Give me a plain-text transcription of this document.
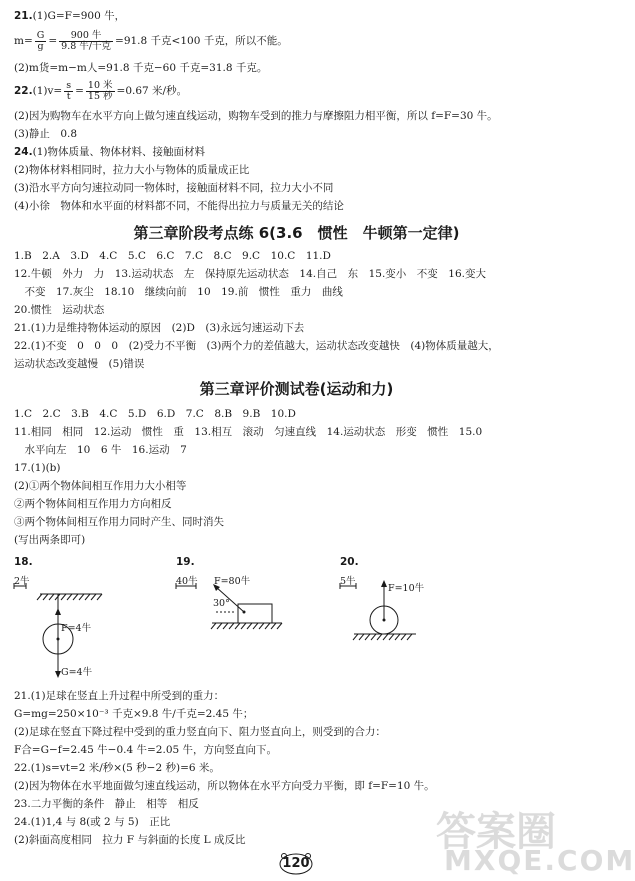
21.(1)G=F=900 牛，
$m= \frac{G}{g} = \frac{\text{900 牛}}{\text{9.8 牛/千克}} =91.8$ 千克<100 千克，所以不能。
(2)m货=m−m人=91.8 千克−60 千克=31.8 千克。
$22.(1)v= \frac{s}{t} = \frac{\text{10 米}}{\text{15 秒}} =0.67$ 米/秒。
(2)因为购物车在水平方向上做匀速直线运动，购物车受到的推力与摩擦阻力相平衡，所以 f=F=30 牛。
(3)静止　0.8
24.(1)物体质量、物体材料、接触面材料
(2)物体材料相同时，拉力大小与物体的质量成正比
(3)沿水平方向匀速拉动同一物体时，接触面材料不同，拉力大小不同
(4)小徐　物体和水平面的材料都不同，不能得出拉力与质量无关的结论
第三章阶段考点练 6(3.6　惯性　牛顿第一定律)
1.B　2.A　3.D　4.C　5.C　6.C　7.C　8.C　9.C　10.C　11.D
12.牛顿　外力　力　13.运动状态　左　保持原先运动状态　14.自己　东　15.变小　不变　16.变大
　不变　17.灰尘　18.10　继续向前　10　19.前　惯性　重力　曲线
20.惯性　运动状态
21.(1)力是维持物体运动的原因　(2)D　(3)永远匀速运动下去
22.(1)不变　0　0　0　(2)受力不平衡　(3)两个力的差值越大，运动状态改变越快　(4)物体质量越大，
运动状态改变越慢　(5)错误
第三章评价测试卷(运动和力)
1.C　2.C　3.B　4.C　5.D　6.D　7.C　8.B　9.B　10.D
11.相同　相同　12.运动　惯性　重　13.相互　滚动　匀速直线　14.运动状态　形变　惯性　15.0
　水平向左　10　6 牛　16.运动　7
17.(1)(b)
(2)①两个物体间相互作用力大小相等
②两个物体间相互作用力方向相反
③两个物体间相互作用力同时产生、同时消失
(写出两条即可)
18.
2牛
F=4牛
G=4牛
19.
40牛 F=80牛
30°
20.
5牛
F=10牛
21.(1)足球在竖直上升过程中所受到的重力：
G=mg=250×10⁻³ 千克×9.8 牛/千克=2.45 牛；
(2)足球在竖直下降过程中受到的重力竖直向下、阻力竖直向上，则受到的合力：
F合=G−f=2.45 牛−0.4 牛=2.05 牛，方向竖直向下。
22.(1)s=vt=2 米/秒×(5 秒−2 秒)=6 米。
(2)因为物体在水平地面做匀速直线运动，所以物体在水平方向受力平衡，即 f=F=10 牛。
23.二力平衡的条件　静止　相等　相反
24.(1)1,4 与 8(或 2 与 5)　正比
(2)斜面高度相同　拉力 F 与斜面的长度 L 成反比
120
答案圈
MXQE.COM
